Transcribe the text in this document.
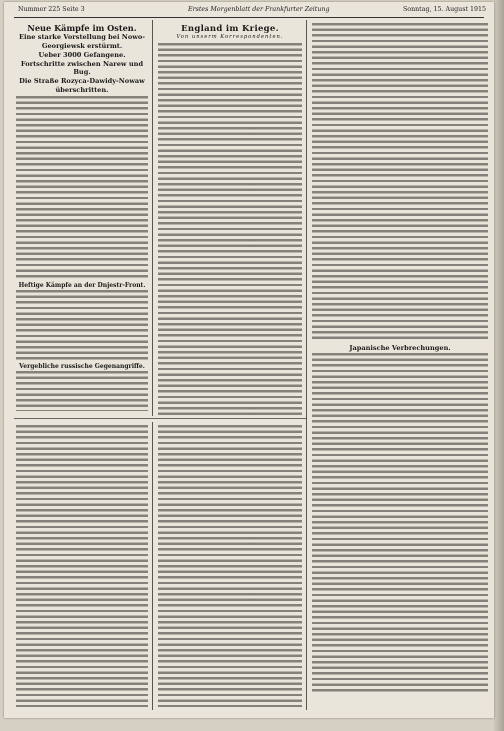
Nummer 225 Seite 3	Erstes Morgenblatt der Frankfurter Zeitung	Sonntag, 15. August 1915
Neue Kämpfe im Osten.
Eine starke Vorstellung bei Nowo-
Georgiewsk erstürmt.
Ueber 3000 Gefangene.
Fortschritte zwischen Narew und Bug.
Die Straße Rozyca-Dawidy-Nowaw
überschritten.
Heftige Kämpfe an der Dnjestr-Front.
Vergebliche russische Gegenangriffe.
England im Kriege.
Von unserm Korrespondenten.
Japanische Verbrechungen.
